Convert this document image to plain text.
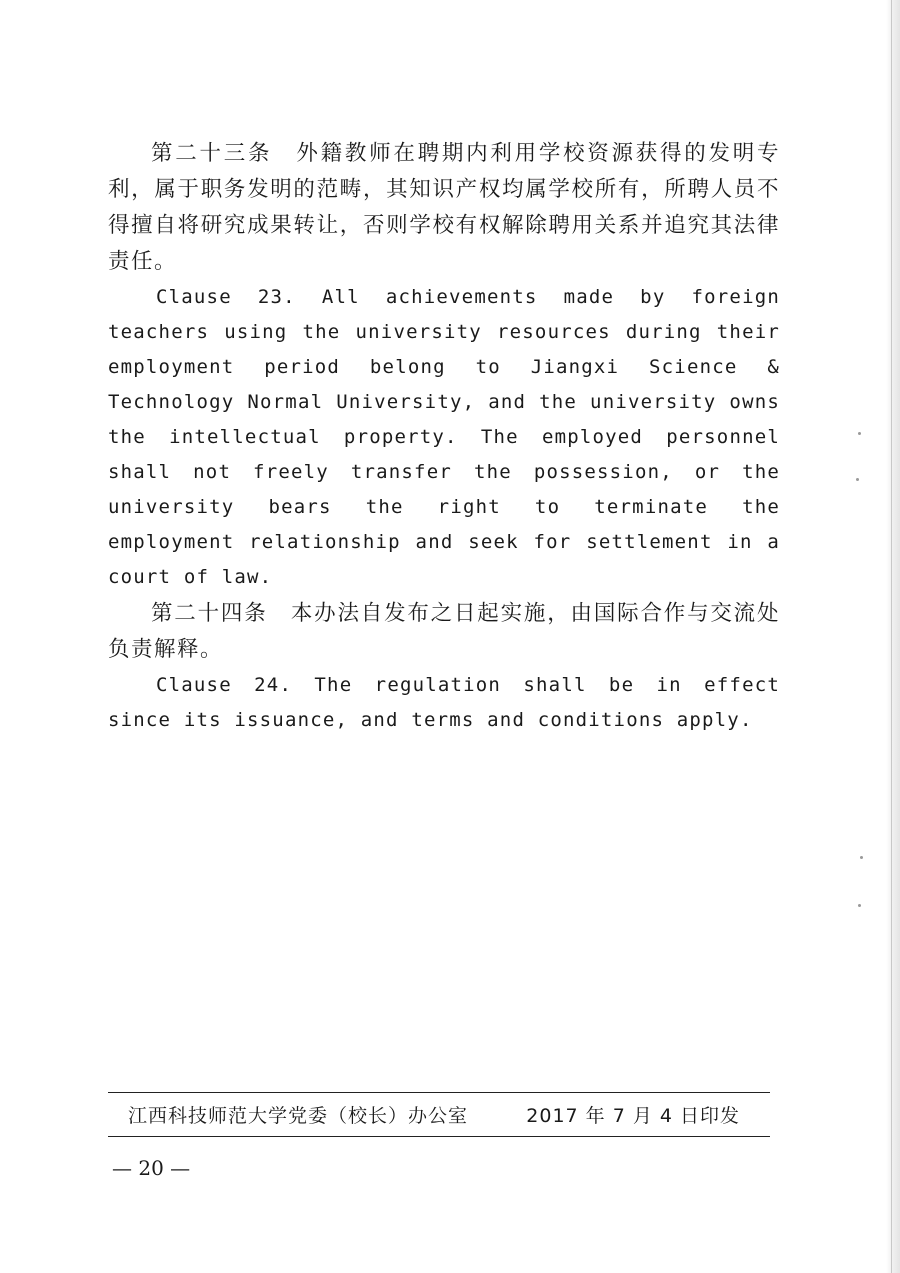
第二十三条　外籍教师在聘期内利用学校资源获得的发明专利，属于职务发明的范畴，其知识产权均属学校所有，所聘人员不得擅自将研究成果转让，否则学校有权解除聘用关系并追究其法律责任。

Clause 23. All achievements made by foreign teachers using the university resources during their employment period belong to Jiangxi Science & Technology Normal University, and the university owns the intellectual property. The employed personnel shall not freely transfer the possession, or the university bears the right to terminate the employment relationship and seek for settlement in a court of law.

第二十四条　本办法自发布之日起实施，由国际合作与交流处负责解释。

Clause 24. The regulation shall be in effect since its issuance, and terms and conditions apply.

江西科技师范大学党委（校长）办公室	2017 年 7 月 4 日印发
— 20 —
